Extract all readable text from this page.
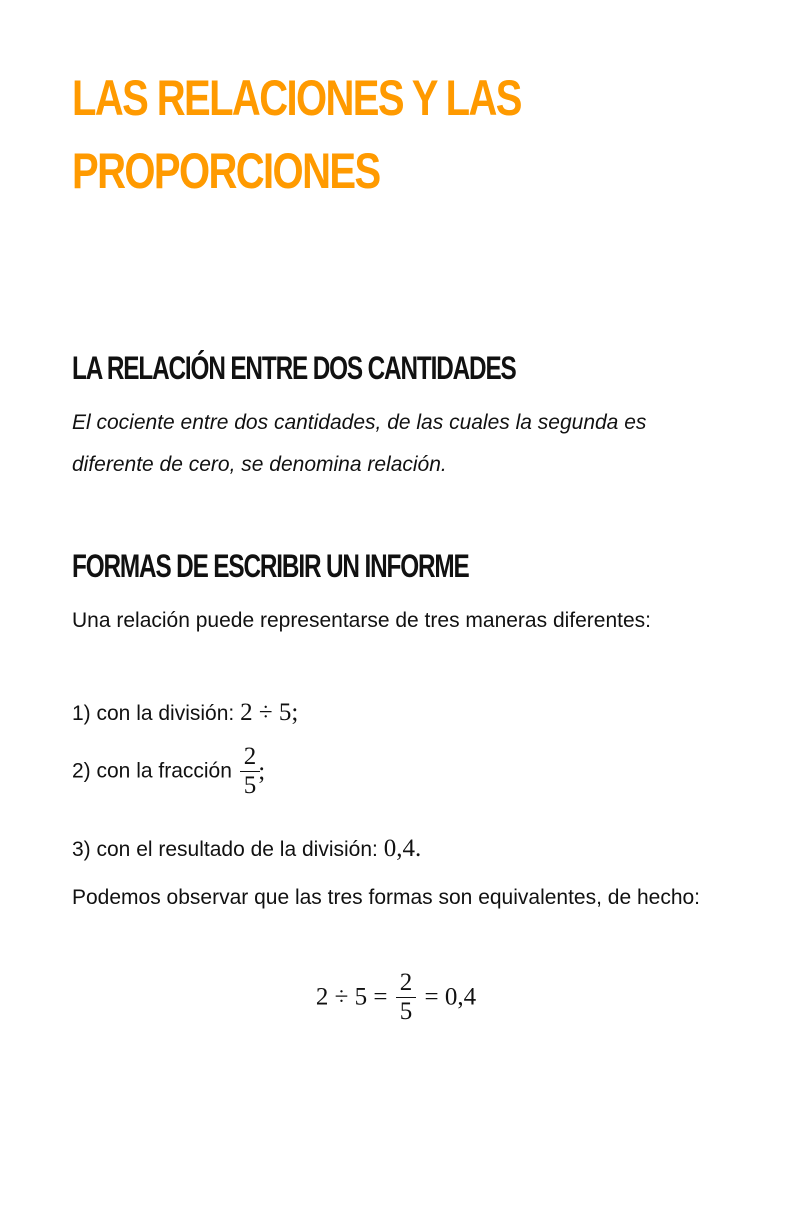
LAS RELACIONES Y LAS PROPORCIONES
LA RELACIÓN ENTRE DOS CANTIDADES

El cociente entre dos cantidades, de las cuales la segunda es diferente de cero, se denomina relación.

FORMAS DE ESCRIBIR UN INFORME

Una relación puede representarse de tres maneras diferentes:

1) con la división: 2 ÷ 5;
2) con la fracción $\frac{2}{5}$
;
3) con el resultado de la división: 0,4.

Podemos observar que las tres formas son equivalentes, de hecho:

$2 \div 5 = \frac{2}{5} = 0,4$
